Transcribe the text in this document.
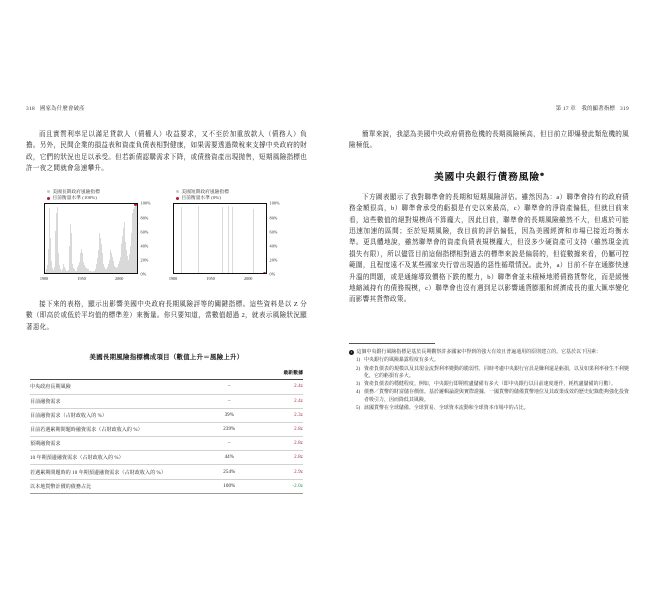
318 國家為什麼會破產

而且實質利率足以滿足貸款人（債權人）收益要求，又不至於加重放款人（債務人）負擔。另外，民間企業的損益表和資產負債表相對健康，如果需要透過徵稅來支撐中央政府的財政，它們的狀況也足以承受。但若新債認購需求下降，或債務資產出現拋售，短期風險指標也許一夜之間就會急速攀升。

美國長期政府風險指標
目前衡量水準 (100%)
0%
20%
40%
60%
80%
100%
1900	1950	2000
美國短期政府風險指標
目前衡量水準 (0%)
0%
20%
40%
60%
80%
100%
1900	1950	2000

接下來的表格，顯示出影響美國中央政府長期風險評等的關鍵指標。這些資料是以 Z 分數（即高於或低於平均值的標準差）來衡量。你只要知道，當數值超過 2，就表示風險狀況顯著惡化。

美國長期風險指標構成項目（數值上升＝風險上升）
		最新數據
中央政府長期風險	–	2.4z
目前融資需求	–	2.4z
目前融資需求（占財政收入的 %）	39%	2.3z
目前若遇累期問題時融資需求（占財政收入的 %）	239%	2.8z
預期融資需求	–	2.8z
10 年期預邊融資需求（占財政收入的 %）	44%	2.8z
若遇累期問題時的 10 年期預邊融資需求（占財政收入的 %）	254%	2.9z
以本地貨幣計價的債務占比	100%	-2.0z
第 17 章　我的顯著指標 319

簡單來說，我認為美國中央政府債務危機的長期風險極高，但目前立即爆發此類危機的風險極低。

美國中央銀行債務風險$^❶$

下方圖表顯示了我對聯準會的長期和短期風險評估。雖然因為：a）聯準會持有的政府債務金額很高，b）聯準會承受的虧損是有史以來最高，c）聯準會的淨資產偏低，但就目前來看，這些數值的絕對規模尚不算龐大，因此目前，聯準會的長期風險雖然不大，但處於可能迅速加速的區間；至於短期風險，我目前的評估偏低，因為美國經濟和市場已接近均衡水準。更具體地說，雖然聯準會的資產負債表規模龐大，但沒多少硬資產可支持（雖然現金流損失有限），所以儘管目前這個指標相對過去的標準來說是偏弱的，但從數據來看，仍屬可控範圍，且程度遠不及某些國家央行曾出現過的惡性循環情況。此外，a）目前不存在通膨快速升溫的問題，或是通縮導致價格下跌的壓力，b）聯準會並未積極地將債務貨幣化，而是緩慢地縮減持有的債務規模，c）聯準會也沒有遇到足以影響通貨膨脹和經濟成長的重大匯率變化而影響其貨幣政策。

1 這個中央銀行風險指標是基於長期觀察許多國家中得到的強大有效且普遍通用的原則建立的。它基於以下因素：
1) 中央銀行的風險暴露程度有多大。
2) 資產負債表的規模以及其現金流對利率變動的脆弱性，同時考慮中央銀行官員是賺利還是虧損，以及如果利率發生不利變化，它的虧損有多大。
3) 資產負債表的穩健程度。例如，中央銀行即期枕盧儲備有多大（即中央銀行以目前速度運作，耗枕盧儲備的月數）。
4) 債務／貨幣的財富儲存價值。基於邏輯論證與實際證據，一國貨幣的儲備貨幣地位及其政策成效的歷史紀錄能夠強化投資者吸引力，因而降低其風險。
5) 該國貨幣在全球儲備、全球貿易、全球資本流動和全球資本市場中的占比。
